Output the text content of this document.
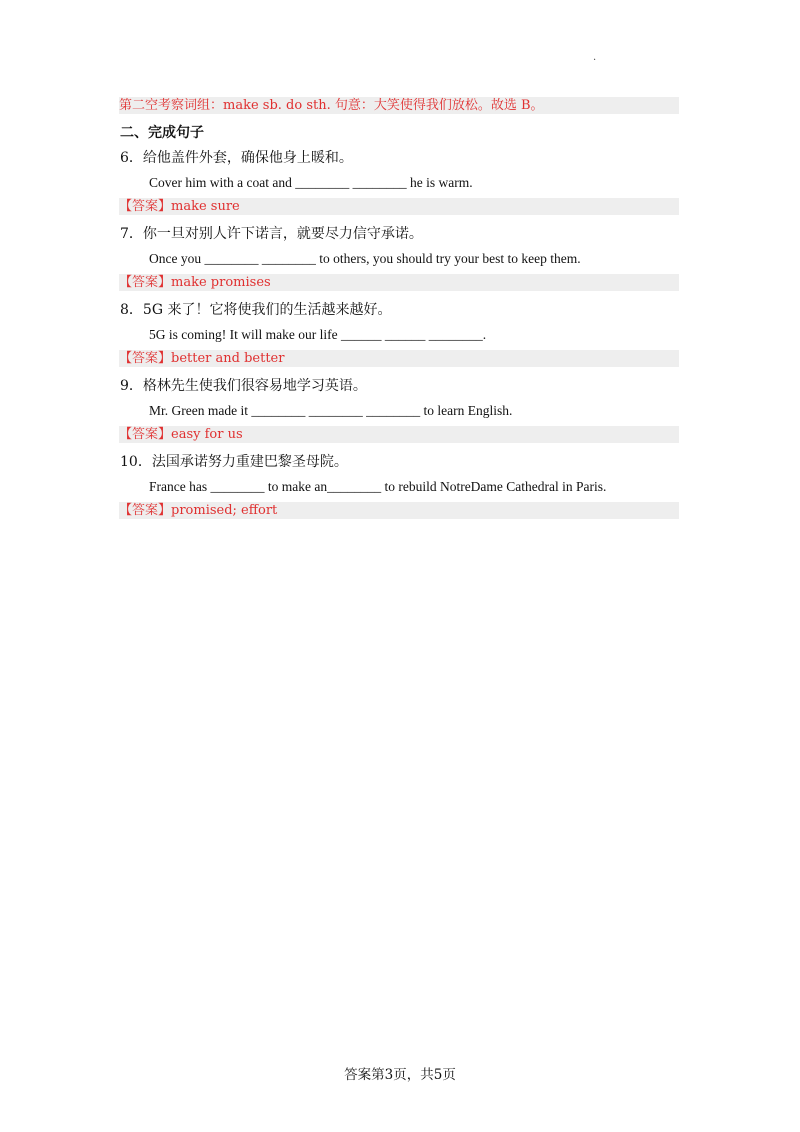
.
第二空考察词组：make sb. do sth. 句意：大笑使得我们放松。故选 B。
二、完成句子
6．给他盖件外套，确保他身上暖和。
Cover him with a coat and ________ ________ he is warm.
【答案】make sure
7．你一旦对别人许下诺言，就要尽力信守承诺。
Once you ________ ________ to others, you should try your best to keep them.
【答案】make promises
8．5G 来了！它将使我们的生活越来越好。
5G is coming! It will make our life ______ ______ ________.
【答案】better and better
9．格林先生使我们很容易地学习英语。
Mr. Green made it ________ ________ ________ to learn English.
【答案】easy for us
10．法国承诺努力重建巴黎圣母院。
France has ________ to make an________ to rebuild NotreDame Cathedral in Paris.
【答案】promised; effort
答案第3页，共5页
